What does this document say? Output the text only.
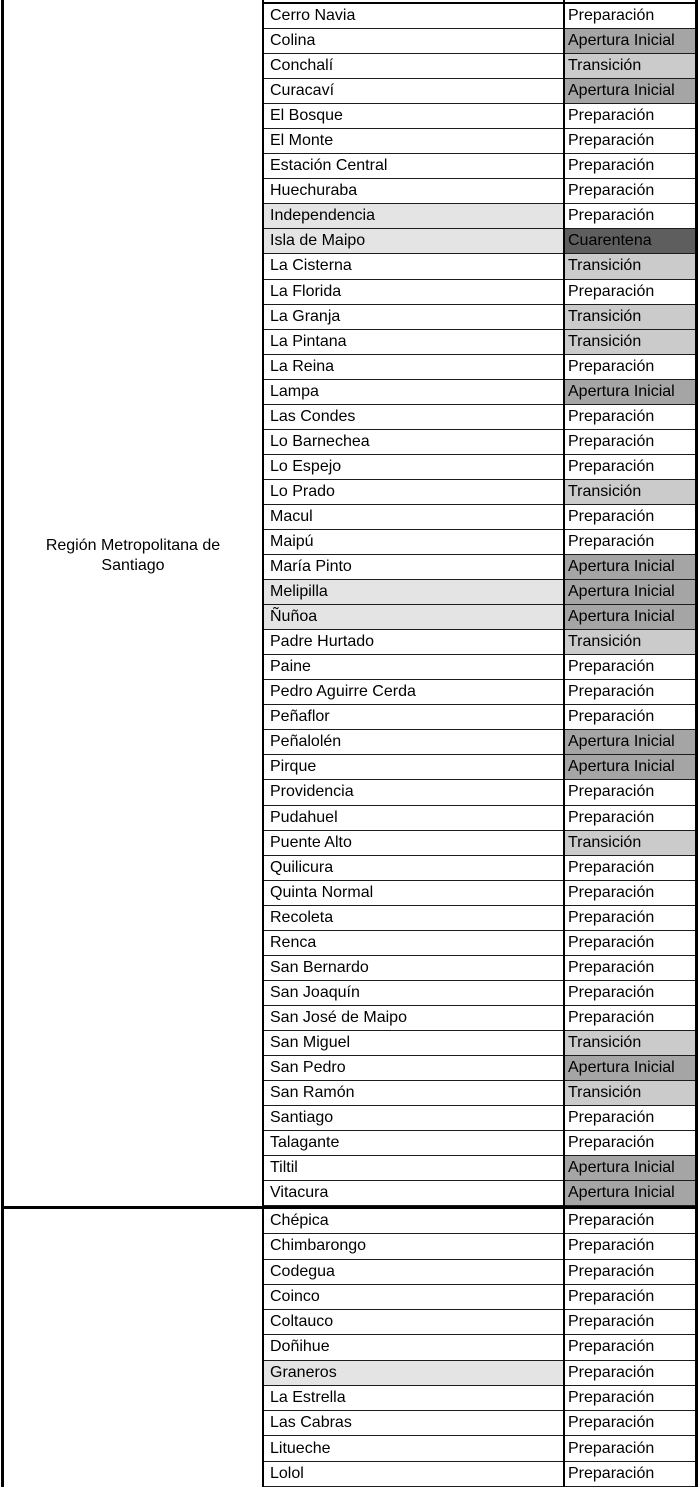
Región Metropolitana de Santiago
Cerro Navia	Preparación
Colina	Apertura Inicial
Conchalí	Transición
Curacaví	Apertura Inicial
El Bosque	Preparación
El Monte	Preparación
Estación Central	Preparación
Huechuraba	Preparación
Independencia	Preparación
Isla de Maipo	Cuarentena
La Cisterna	Transición
La Florida	Preparación
La Granja	Transición
La Pintana	Transición
La Reina	Preparación
Lampa	Apertura Inicial
Las Condes	Preparación
Lo Barnechea	Preparación
Lo Espejo	Preparación
Lo Prado	Transición
Macul	Preparación
Maipú	Preparación
María Pinto	Apertura Inicial
Melipilla	Apertura Inicial
Ñuñoa	Apertura Inicial
Padre Hurtado	Transición
Paine	Preparación
Pedro Aguirre Cerda	Preparación
Peñaflor	Preparación
Peñalolén	Apertura Inicial
Pirque	Apertura Inicial
Providencia	Preparación
Pudahuel	Preparación
Puente Alto	Transición
Quilicura	Preparación
Quinta Normal	Preparación
Recoleta	Preparación
Renca	Preparación
San Bernardo	Preparación
San Joaquín	Preparación
San José de Maipo	Preparación
San Miguel	Transición
San Pedro	Apertura Inicial
San Ramón	Transición
Santiago	Preparación
Talagante	Preparación
Tiltil	Apertura Inicial
Vitacura	Apertura Inicial
Chépica	Preparación
Chimbarongo	Preparación
Codegua	Preparación
Coinco	Preparación
Coltauco	Preparación
Doñihue	Preparación
Graneros	Preparación
La Estrella	Preparación
Las Cabras	Preparación
Litueche	Preparación
Lolol	Preparación
